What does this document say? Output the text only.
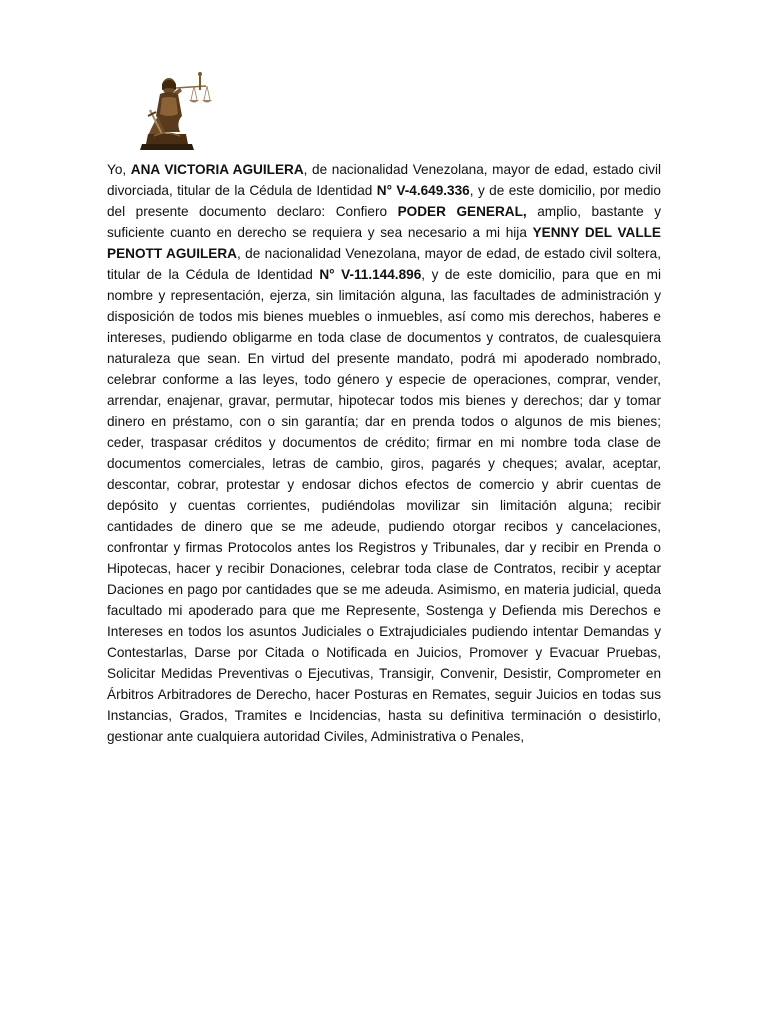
Yo, ANA VICTORIA AGUILERA, de nacionalidad Venezolana, mayor de edad, estado civil divorciada, titular de la Cédula de Identidad N° V-4.649.336, y de este domicilio, por medio del presente documento declaro: Confiero PODER GENERAL, amplio, bastante y suficiente cuanto en derecho se requiera y sea necesario a mi hija YENNY DEL VALLE PENOTT AGUILERA, de nacionalidad Venezolana, mayor de edad, de estado civil soltera, titular de la Cédula de Identidad N° V-11.144.896, y de este domicilio, para que en mi nombre y representación, ejerza, sin limitación alguna, las facultades de administración y disposición de todos mis bienes muebles o inmuebles, así como mis derechos, haberes e intereses, pudiendo obligarme en toda clase de documentos y contratos, de cualesquiera naturaleza que sean. En virtud del presente mandato, podrá mi apoderado nombrado, celebrar conforme a las leyes, todo género y especie de operaciones, comprar, vender, arrendar, enajenar, gravar, permutar, hipotecar todos mis bienes y derechos; dar y tomar dinero en préstamo, con o sin garantía; dar en prenda todos o algunos de mis bienes; ceder, traspasar créditos y documentos de crédito; firmar en mi nombre toda clase de documentos comerciales, letras de cambio, giros, pagarés y cheques; avalar, aceptar, descontar, cobrar, protestar y endosar dichos efectos de comercio y abrir cuentas de depósito y cuentas corrientes, pudiéndolas movilizar sin limitación alguna; recibir cantidades de dinero que se me adeude, pudiendo otorgar recibos y cancelaciones, confrontar y firmas Protocolos antes los Registros y Tribunales, dar y recibir en Prenda o Hipotecas, hacer y recibir Donaciones, celebrar toda clase de Contratos, recibir y aceptar Daciones en pago por cantidades que se me adeuda. Asimismo, en materia judicial, queda facultado mi apoderado para que me Represente, Sostenga y Defienda mis Derechos e Intereses en todos los asuntos Judiciales o Extrajudiciales pudiendo intentar Demandas y Contestarlas, Darse por Citada o Notificada en Juicios, Promover y Evacuar Pruebas, Solicitar Medidas Preventivas o Ejecutivas, Transigir, Convenir, Desistir, Comprometer en Árbitros Arbitradores de Derecho, hacer Posturas en Remates, seguir Juicios en todas sus Instancias, Grados, Tramites e Incidencias, hasta su definitiva terminación o desistirlo, gestionar ante cualquiera autoridad Civiles, Administrativa o Penales,
